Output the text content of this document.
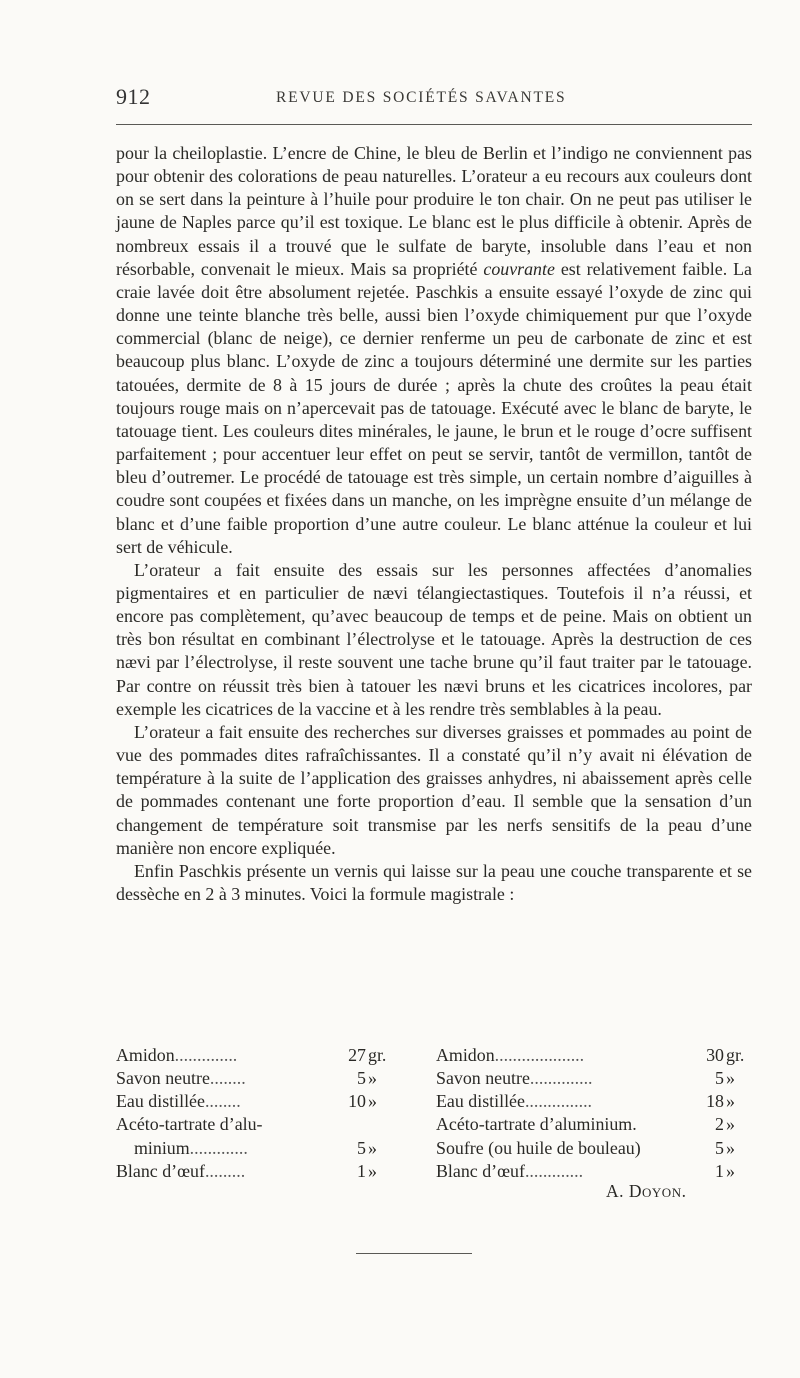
912	REVUE DES SOCIÉTÉS SAVANTES

pour la cheiloplastie. L’encre de Chine, le bleu de Berlin et l’indigo ne conviennent pas pour obtenir des colorations de peau naturelles. L’orateur a eu recours aux couleurs dont on se sert dans la peinture à l’huile pour produire le ton chair. On ne peut pas utiliser le jaune de Naples parce qu’il est toxique. Le blanc est le plus difficile à obtenir. Après de nombreux essais il a trouvé que le sulfate de baryte, insoluble dans l’eau et non résorbable, convenait le mieux. Mais sa propriété couvrante est relativement faible. La craie lavée doit être absolument rejetée. Paschkis a ensuite essayé l’oxyde de zinc qui donne une teinte blanche très belle, aussi bien l’oxyde chimiquement pur que l’oxyde commercial (blanc de neige), ce dernier renferme un peu de carbonate de zinc et est beaucoup plus blanc. L’oxyde de zinc a toujours déterminé une dermite sur les parties tatouées, dermite de 8 à 15 jours de durée ; après la chute des croûtes la peau était toujours rouge mais on n’apercevait pas de tatouage. Exécuté avec le blanc de baryte, le tatouage tient. Les couleurs dites minérales, le jaune, le brun et le rouge d’ocre suffisent parfaitement ; pour accentuer leur effet on peut se servir, tantôt de vermillon, tantôt de bleu d’outremer. Le procédé de tatouage est très simple, un certain nombre d’aiguilles à coudre sont coupées et fixées dans un manche, on les imprègne ensuite d’un mélange de blanc et d’une faible proportion d’une autre couleur. Le blanc atténue la couleur et lui sert de véhicule.

L’orateur a fait ensuite des essais sur les personnes affectées d’anomalies pigmentaires et en particulier de nævi télangiectastiques. Toutefois il n’a réussi, et encore pas complètement, qu’avec beaucoup de temps et de peine. Mais on obtient un très bon résultat en combinant l’électrolyse et le tatouage. Après la destruction de ces nævi par l’électrolyse, il reste souvent une tache brune qu’il faut traiter par le tatouage. Par contre on réussit très bien à tatouer les nævi bruns et les cicatrices incolores, par exemple les cicatrices de la vaccine et à les rendre très semblables à la peau.

L’orateur a fait ensuite des recherches sur diverses graisses et pommades au point de vue des pommades dites rafraîchissantes. Il a constaté qu’il n’y avait ni élévation de température à la suite de l’application des graisses anhydres, ni abaissement après celle de pommades contenant une forte proportion d’eau. Il semble que la sensation d’un changement de température soit transmise par les nerfs sensitifs de la peau d’une manière non encore expliquée.

Enfin Paschkis présente un vernis qui laisse sur la peau une couche transparente et se dessèche en 2 à 3 minutes. Voici la formule magistrale :

Amidon..............	27 gr.
Savon neutre........	5 »
Eau distillée........	10 »
Acéto-tartrate d’alu-
minium.............	5 »
Blanc d’œuf.........	1 »
Amidon....................	30 gr.
Savon neutre..............	5 »
Eau distillée...............	18 »
Acéto-tartrate d’aluminium.	2 »
Soufre (ou huile de bouleau)	5 »
Blanc d’œuf.............	1 »
A. DOYON.
